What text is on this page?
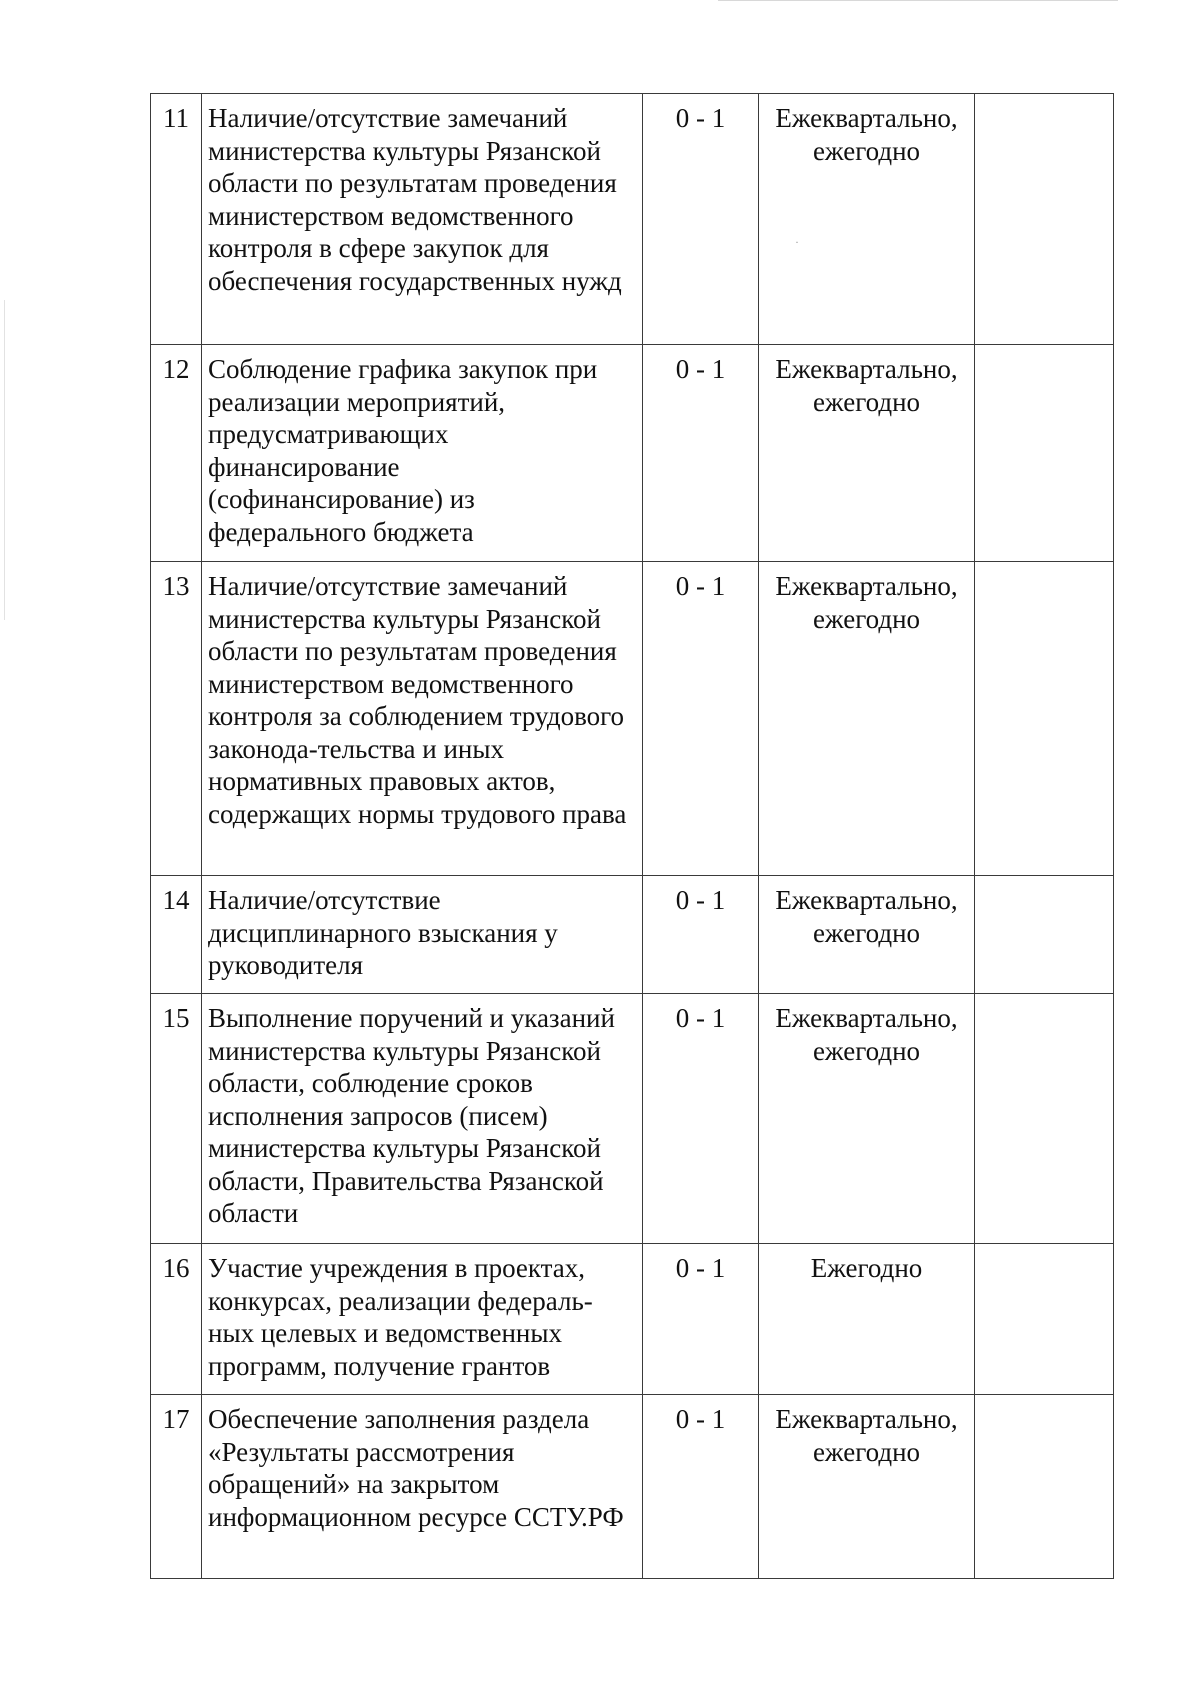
11	Наличие/отсутствие замечаний министерства культуры Рязанской области по результатам проведения министерством ведомственного контроля в сфере закупок для обеспечения государственных нужд	0 - 1	Ежеквартально, ежегодно	
12	Соблюдение графика закупок при реализации мероприятий, предусматривающих финансирование (софинансирование) из федерального бюджета	0 - 1	Ежеквартально, ежегодно	
13	Наличие/отсутствие замечаний министерства культуры Рязанской области по результатам проведения министерством ведомственного контроля за соблюдением трудового законода-тельства и иных нормативных правовых актов, содержащих нормы трудового права	0 - 1	Ежеквартально, ежегодно	
14	Наличие/отсутствие дисциплинарного взыскания у руководителя	0 - 1	Ежеквартально, ежегодно	
15	Выполнение поручений и указаний министерства культуры Рязанской области, соблюдение сроков исполнения запросов (писем) министерства культуры Рязанской области, Правительства Рязанской области	0 - 1	Ежеквартально, ежегодно	
16	Участие учреждения в проектах, конкурсах, реализации федераль-ных целевых и ведомственных программ, получение грантов	0 - 1	Ежегодно	
17	Обеспечение заполнения раздела «Результаты рассмотрения обращений» на закрытом информационном ресурсе ССТУ.РФ	0 - 1	Ежеквартально, ежегодно	
·
